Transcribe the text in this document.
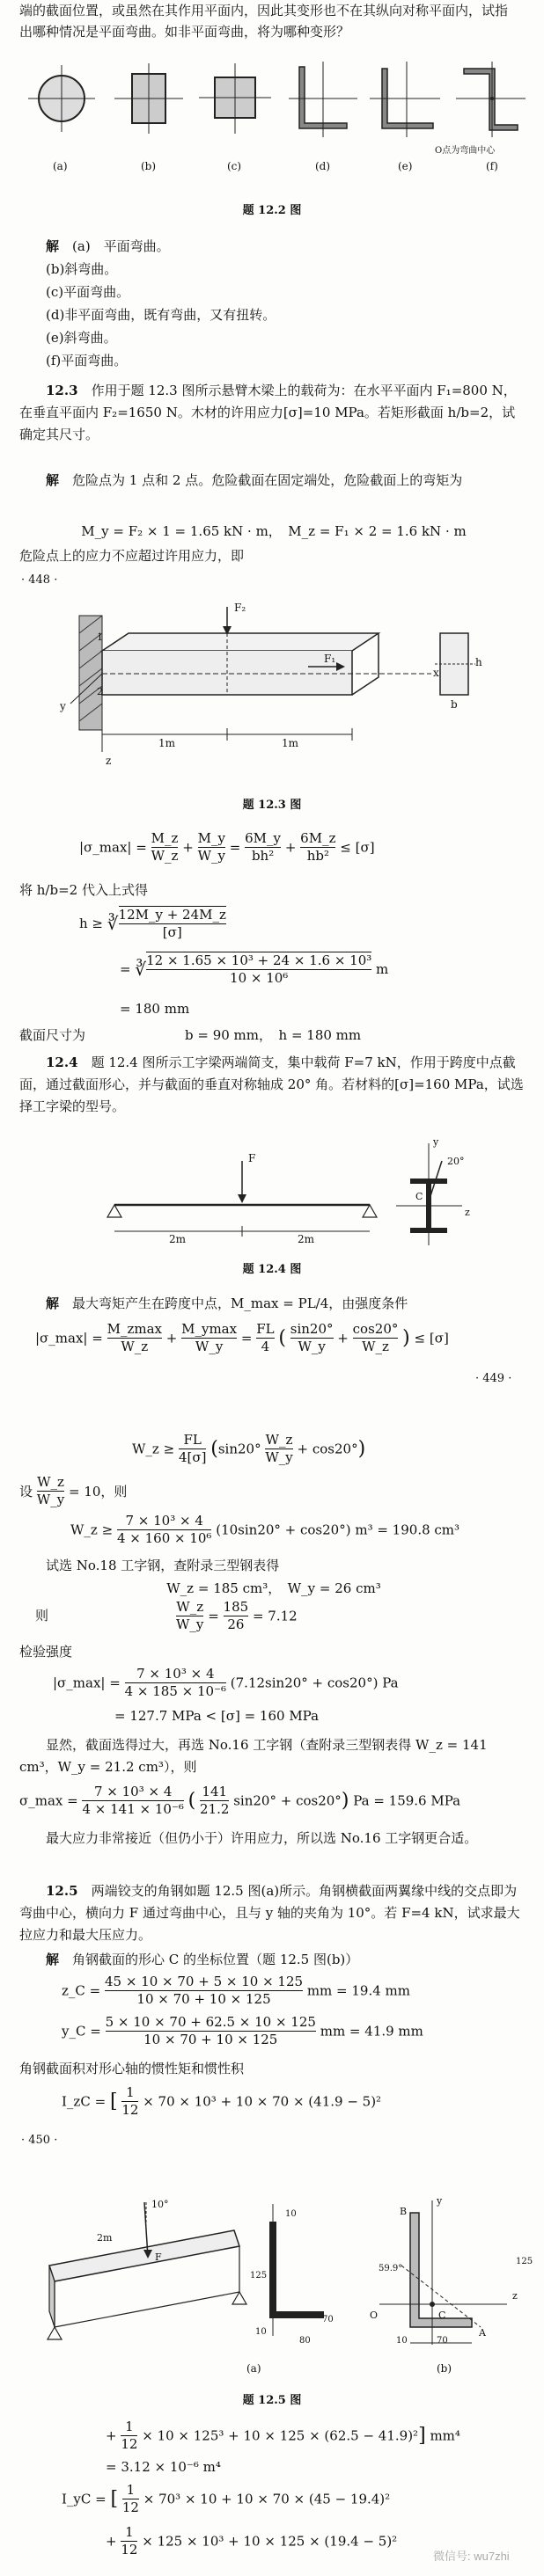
端的截面位置，或虽然在其作用平面内，因此其变形也不在其纵向对称平面内，试指

出哪种情况是平面弯曲。如非平面弯曲，将为哪种变形？

(a)	(b)	(c)	(d)	(e)	(f)
O点为弯曲中心
题 12.2 图

解　 (a)　平面弯曲。

(b)斜弯曲。

(c)平面弯曲。

(d)非平面弯曲，既有弯曲，又有扭转。

(e)斜弯曲。

(f)平面弯曲。

12.3　 作用于题 12.3 图所示悬臂木梁上的载荷为：在水平平面内 F₁=800 N，在垂直平面内 F₂=1650 N。木材的许用应力[σ]=10 MPa。若矩形截面 h/b=2，试确定其尺寸。

解　 危险点为 1 点和 2 点。危险截面在固定端处，危险截面上的弯矩为

M_y = F₂ × 1 = 1.65 kN · m，　M_z = F₁ × 2 = 1.6 kN · m

危险点上的应力不应超过许用应力，即

· 448 ·
F₂
F₁
1m	1m
x
y
z
h
b
1
2
题 12.3 图
|σ_max| = $\frac{M\_z}{W\_z} + \frac{M\_y}{W\_y} = \frac{6M\_y}{\text{bh²}} + \frac{6M\_z}{\text{hb²}} \le [\sigma]$

将 h/b=2 代入上式得

h ≥ ∛ $\frac{12M\_y + 24M\_z}{[\sigma]}$
= ∛ $\frac{\text{12 × 1.65 × 10³ + 24 × 1.6 × 10³}}{\text{10 × 10⁶}}$ m
= 180 mm
截面尺寸为	b = 90 mm，　h = 180 mm

12.4　 题 12.4 图所示工字梁两端简支，集中载荷 F=7 kN，作用于跨度中点截面，通过截面形心，并与截面的垂直对称轴成 20° 角。若材料的[σ]=160 MPa，试选择工字梁的型号。

F
2m	2m
20°
y
z
C
题 12.4 图

解　 最大弯矩产生在跨度中点，M_max = PL/4，由强度条件

|σ_max| =
M_zmax
W_z
+
M_ymax
W_y
= $\frac{FL}{4}$ ( $\frac{\sin 20^\circ}{W\_y} + \frac{\cos 20^\circ}{W\_z}$ ) ≤ [σ]
· 449 ·
W_z ≥ $\frac{FL}{4[\sigma]} (\sin 20^\circ \frac{W\_z}{W\_y} + \cos 20^\circ)$
设 $\frac{W\_z}{W\_y} = 10$，则
W_z ≥ $\frac{\text{7 × 10³ × 4}}{\text{4 × 160 × 10⁶}} (10\sin 20^\circ + \cos 20^\circ) m^3 = 190.8$ cm³

试选 No.18 工字钢，查附录三型钢表得

W_z = 185 cm³，　W_y = 26 cm³

则	$\frac{W\_z}{W\_y} = \frac{185}{26} = 7.12$

检验强度

|σ_max| = $\frac{\text{7 × 10³ × 4}}{\text{4 × 185 × 10⁻⁶}} (7.12\sin 20^\circ + \cos 20^\circ)$ Pa
= 127.7 MPa < [σ] = 160 MPa

显然，截面选得过大，再选 No.16 工字钢（查附录三型钢表得 W_z = 141 cm³，W_y = 21.2 cm³），则

σ_max = $\frac{\text{7 × 10³ × 4}}{\text{4 × 141 × 10⁻⁶}}$ ( $\frac{141}{21.2} \sin 20^\circ + \cos 20^\circ$) Pa = 159.6 MPa

最大应力非常接近（但仍小于）许用应力，所以选 No.16 工字钢更合适。

12.5　 两端铰支的角钢如题 12.5 图(a)所示。角钢横截面两翼缘中线的交点即为弯曲中心，横向力 F 通过弯曲中心，且与 y 轴的夹角为 10°。若 F=4 kN，试求最大拉应力和最大压应力。

解　 角钢截面的形心 C 的坐标位置（题 12.5 图(b)）

z_C = $\frac{45 \times 10 \times 70 + 5 \times 10 \times 125}{10 \times 70 + 10 \times 125}$ mm = 19.4 mm
y_C = $\frac{5 \times 10 \times 70 + 62.5 \times 10 \times 125}{10 \times 70 + 10 \times 125}$ mm = 41.9 mm

角钢截面积对形心轴的惯性矩和惯性积

I_zC = [ $\frac{1}{12} \times 70 \times 10^3 + 10 \times 70 \times (41.9 - 5)^2$
· 450 ·
2m
10°
F
10
125
10
80
70
59.9°
y
z
C
B
A
O
10	70
125
(a)	(b)
题 12.5 图
+ $\frac{1}{12} \times 10 \times 125^3 + 10 \times 125 \times (62.5 - 41.9)^2$] mm⁴
= 3.12 × 10⁻⁶ m⁴
I_yC = [ $\frac{1}{12} \times 70^3 \times 10 + 10 \times 70 \times (45 - 19.4)^2$
+ $\frac{1}{12} \times 125 \times 10^3 + 10 \times 125 \times (19.4 - 5)^2$
微信号: wu7zhi
